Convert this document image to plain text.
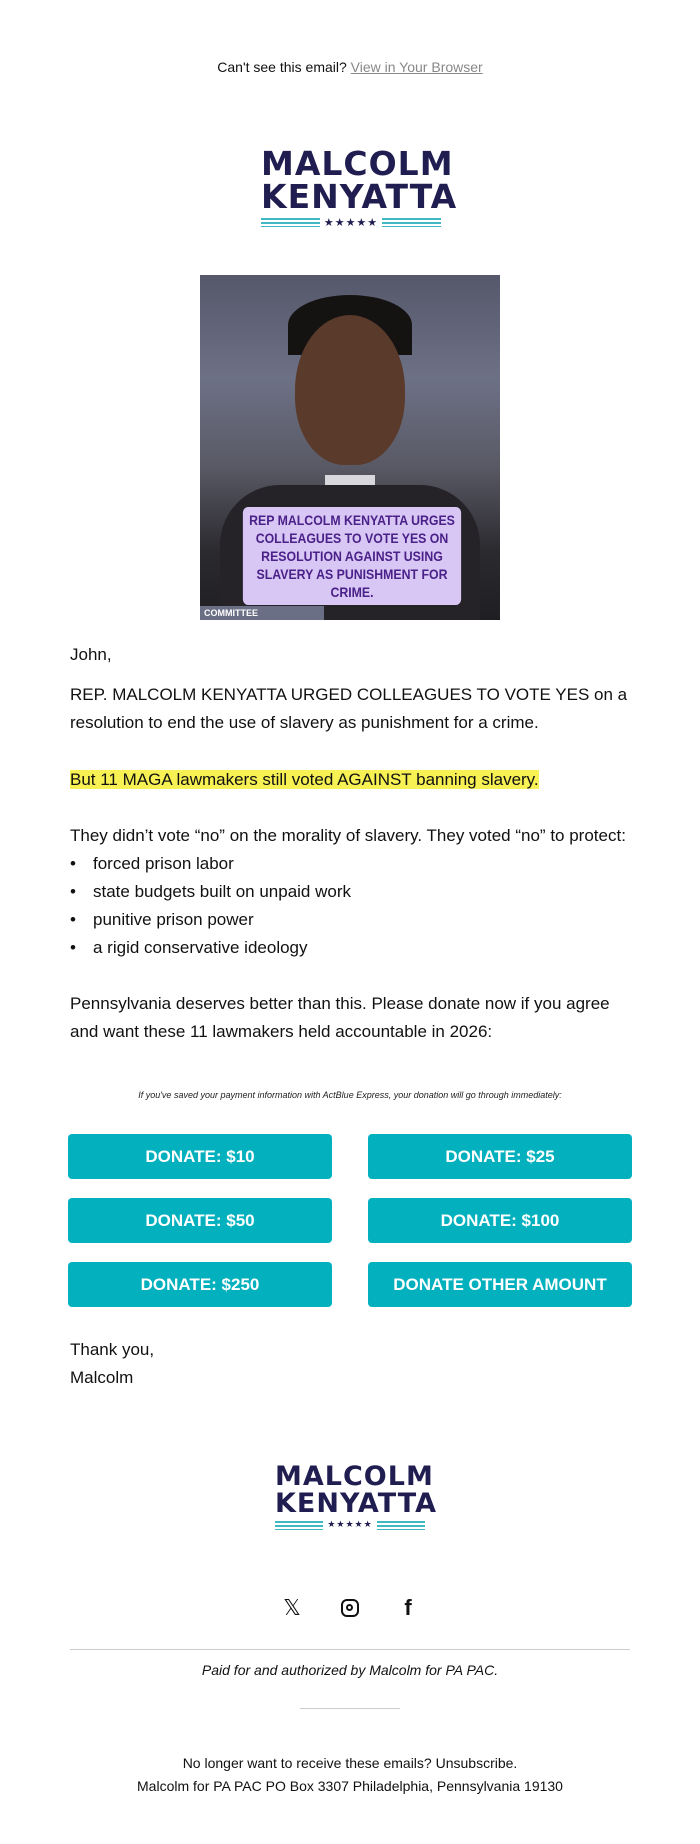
Can't see this email? View in Your Browser
MALCOLM
KENYATTA
★★★★★
REP MALCOLM KENYATTA URGES COLLEAGUES TO VOTE YES ON RESOLUTION AGAINST USING SLAVERY AS PUNISHMENT FOR CRIME.
COMMITTEE
John,
REP. MALCOLM KENYATTA URGED COLLEAGUES TO VOTE YES on a resolution to end the use of slavery as punishment for a crime.
But 11 MAGA lawmakers still voted AGAINST banning slavery.
They didn’t vote “no” on the morality of slavery. They voted “no” to protect:
• forced prison labor
• state budgets built on unpaid work
• punitive prison power
• a rigid conservative ideology
Pennsylvania deserves better than this. Please donate now if you agree and want these 11 lawmakers held accountable in 2026:
If you've saved your payment information with ActBlue Express, your donation will go through immediately:
DONATE: $10	DONATE: $25
DONATE: $50	DONATE: $100
DONATE: $250	DONATE OTHER AMOUNT
Thank you,
Malcolm
MALCOLM
KENYATTA
★★★★★
𝕏	f
Paid for and authorized by Malcolm for PA PAC.
No longer want to receive these emails? Unsubscribe.
Malcolm for PA PAC PO Box 3307 Philadelphia, Pennsylvania 19130
